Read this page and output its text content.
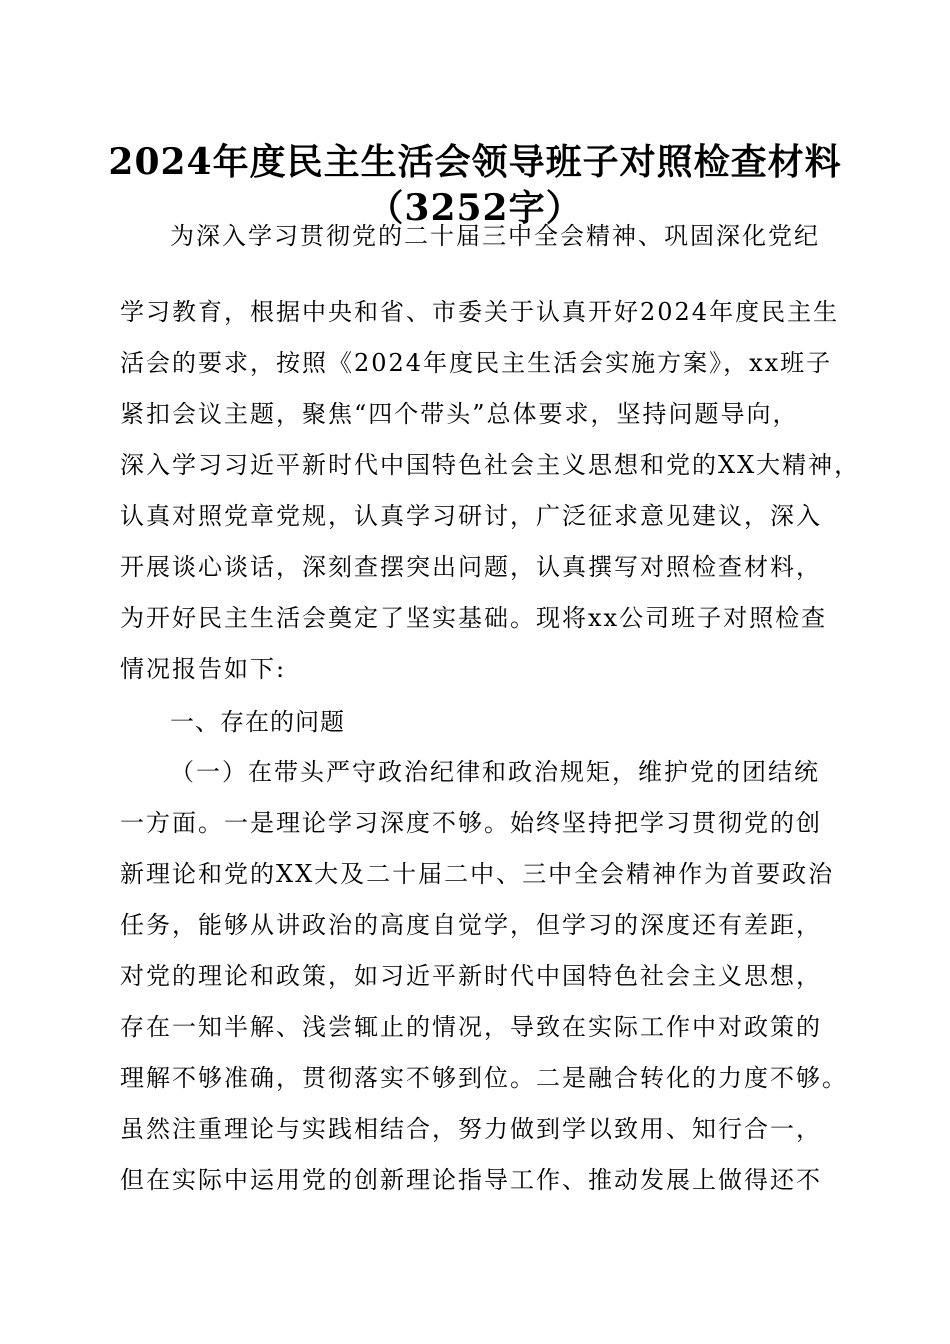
2024年度民主生活会领导班子对照检查材料
（3252字）
为深入学习贯彻党的二十届三中全会精神、巩固深化党纪
学习教育，根据中央和省、市委关于认真开好2024年度民主生
活会的要求，按照《2024年度民主生活会实施方案》，xx班子
紧扣会议主题，聚焦“四个带头”总体要求，坚持问题导向，
深入学习习近平新时代中国特色社会主义思想和党的XX大精神，
认真对照党章党规，认真学习研讨，广泛征求意见建议，深入
开展谈心谈话，深刻查摆突出问题，认真撰写对照检查材料，
为开好民主生活会奠定了坚实基础。现将xx公司班子对照检查
情况报告如下:
一、存在的问题
（一）在带头严守政治纪律和政治规矩，维护党的团结统
一方面。一是理论学习深度不够。始终坚持把学习贯彻党的创
新理论和党的XX大及二十届二中、三中全会精神作为首要政治
任务，能够从讲政治的高度自觉学，但学习的深度还有差距，
对党的理论和政策，如习近平新时代中国特色社会主义思想，
存在一知半解、浅尝辄止的情况，导致在实际工作中对政策的
理解不够准确，贯彻落实不够到位。二是融合转化的力度不够。
虽然注重理论与实践相结合，努力做到学以致用、知行合一，
但在实际中运用党的创新理论指导工作、推动发展上做得还不
